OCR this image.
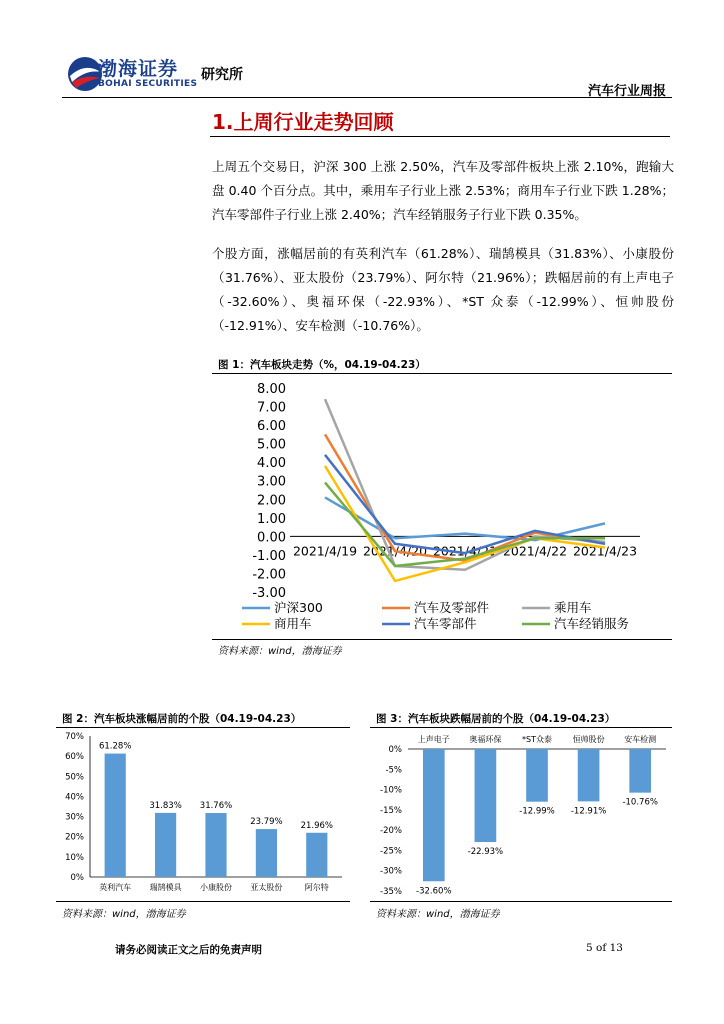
渤海证券
BOHAI SECURITIES
研究所
汽车行业周报
1.上周行业走势回顾

上周五个交易日，沪深 300 上涨 2.50%，汽车及零部件板块上涨 2.10%，跑输大盘 0.40 个百分点。其中，乘用车子行业上涨 2.53%；商用车子行业下跌 1.28%；汽车零部件子行业上涨 2.40%；汽车经销服务子行业下跌 0.35%。

个股方面，涨幅居前的有英利汽车（61.28%）、瑞鹄模具（31.83%）、小康股份（31.76%）、亚太股份（23.79%）、阿尔特（21.96%）；跌幅居前的有上声电子（-32.60%）、奥福环保（-22.93%）、*ST 众泰（-12.99%）、恒帅股份（-12.91%）、安车检测（-10.76%）。

图 1：汽车板块走势（%，04.19-04.23）
8.00
7.00
6.00
5.00
4.00
3.00
2.00
1.00
0.00
-1.00
-2.00
-3.00
2021/4/19 2021/4/20 2021/4/21 2021/4/22 2021/4/23
沪深300	汽车及零部件	乘用车
商用车	汽车零部件	汽车经销服务
资料来源：wind，渤海证券
图 2：汽车板块涨幅居前的个股（04.19-04.23）
70%
60%
50%
40%
30%
20%
10%
0%
61.28%
英利汽车
31.83%
瑞鹄模具
31.76%
小康股份
23.79%
亚太股份
21.96%
阿尔特
资料来源：wind，渤海证券
图 3：汽车板块跌幅居前的个股（04.19-04.23）
0%
-5%
-10%
-15%
-20%
-25%
-30%
-35% -32.60%
上声电子
-22.93%
奥福环保
-12.99%
*ST众泰
-12.91%
恒帅股份
-10.76%
安车检测
资料来源：wind，渤海证券
请务必阅读正文之后的免责声明	5 of 13
